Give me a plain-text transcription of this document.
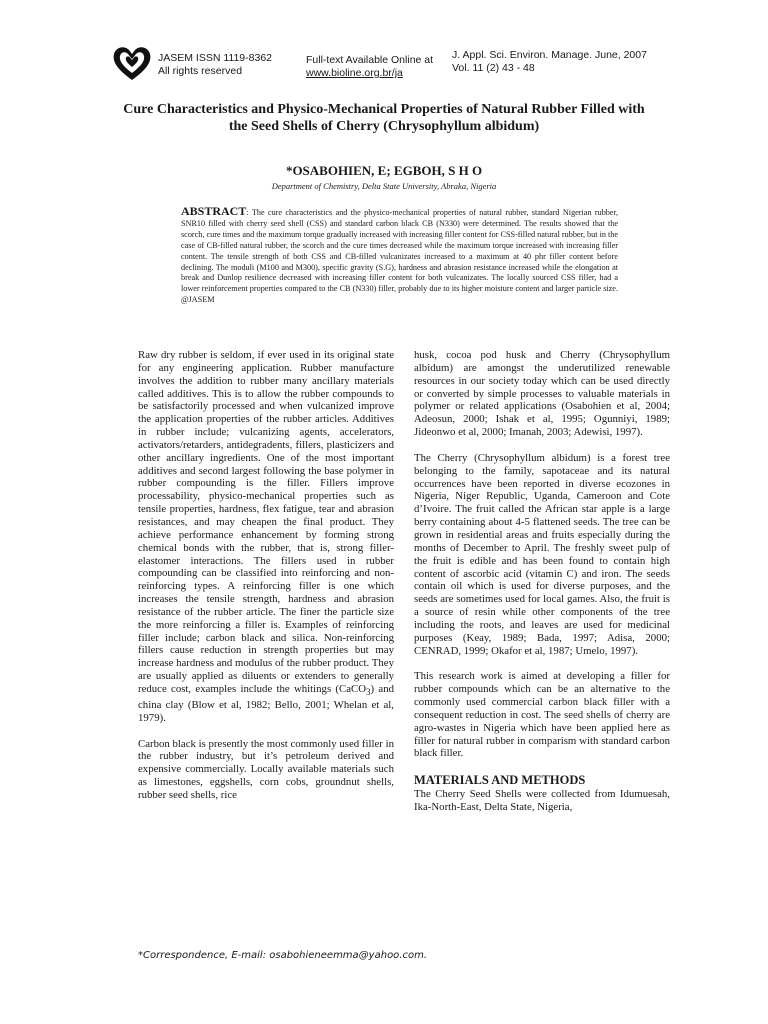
JASEM ISSN 1119-8362
All rights reserved
Full-text Available Online at
www.bioline.org.br/ja
J. Appl. Sci. Environ. Manage. June, 2007
Vol. 11 (2) 43 - 48
Cure Characteristics and Physico-Mechanical Properties of Natural Rubber Filled with
the Seed Shells of Cherry (Chrysophyllum albidum)
*OSABOHIEN, E; EGBOH, S H O
Department of Chemistry, Delta State University, Abraka, Nigeria
ABSTRACT: The cure characteristics and the physico-mechanical properties of natural rubber, standard Nigerian rubber, SNR10 filled with cherry seed shell (CSS) and standard carbon black CB (N330) were determined. The results showed that the scorch, cure times and the maximum torque gradually increased with increasing filler content for CSS-filled natural rubber, but in the case of CB-filled natural rubber, the scorch and the cure times decreased while the maximum torque increased with increasing filler content. The tensile strength of both CSS and CB-filled vulcanizates increased to a maximum at 40 phr filler content before declining. The moduli (M100 and M300), specific gravity (S.G), hardness and abrasion resistance increased while the elongation at break and Dunlop resilience decreased with increasing filler content for both vulcanizates. The locally sourced CSS filler, had a lower reinforcement properties compared to the CB (N330) filler, probably due to its higher moisture content and larger particle size. @JASEM

Raw dry rubber is seldom, if ever used in its original state for any engineering application. Rubber manufacture involves the addition to rubber many ancillary materials called additives. This is to allow the rubber compounds to be satisfactorily processed and when vulcanized improve the application properties of the rubber articles. Additives in rubber include; vulcanizing agents, accelerators, activators/retarders, antidegradents, fillers, plasticizers and other ancillary ingredients. One of the most important additives and second largest following the base polymer in rubber compounding is the filler. Fillers improve processability, physico-mechanical properties such as tensile properties, hardness, flex fatigue, tear and abrasion resistances, and may cheapen the final product. They achieve performance enhancement by forming strong chemical bonds with the rubber, that is, strong filler-elastomer interactions. The fillers used in rubber compounding can be classified into reinforcing and non-reinforcing types. A reinforcing filler is one which increases the tensile strength, hardness and abrasion resistance of the rubber article. The finer the particle size the more reinforcing a filler is. Examples of reinforcing filler include; carbon black and silica. Non-reinforcing fillers cause reduction in strength properties but may increase hardness and modulus of the rubber product. They are usually applied as diluents or extenders to generally reduce cost, examples include the whitings (CaCO$_3$) and china clay (Blow et al, 1982; Bello, 2001; Whelan et al, 1979).

Carbon black is presently the most commonly used filler in the rubber industry, but it’s petroleum derived and expensive commercially. Locally available materials such as limestones, eggshells, corn cobs, groundnut shells, rubber seed shells, rice

husk, cocoa pod husk and Cherry (Chrysophyllum albidum) are amongst the underutilized renewable resources in our society today which can be used directly or converted by simple processes to valuable materials in polymer or related applications (Osabohien et al, 2004; Adeosun, 2000; Ishak et al, 1995; Ogunniyi, 1989; Jideonwo et al, 2000; Imanah, 2003; Adewisi, 1997).

The Cherry (Chrysophyllum albidum) is a forest tree belonging to the family, sapotaceae and its natural occurrences have been reported in diverse ecozones in Nigeria, Niger Republic, Uganda, Cameroon and Cote d’Ivoire. The fruit called the African star apple is a large berry containing about 4-5 flattened seeds. The tree can be grown in residential areas and fruits especially during the months of December to April. The freshly sweet pulp of the fruit is edible and has been found to contain high content of ascorbic acid (vitamin C) and iron. The seeds contain oil which is used for diverse purposes, and the seeds are sometimes used for local games. Also, the fruit is a source of resin while other components of the tree including the roots, and leaves are used for medicinal purposes (Keay, 1989; Bada, 1997; Adisa, 2000; CENRAD, 1999; Okafor et al, 1987; Umelo, 1997).

This research work is aimed at developing a filler for rubber compounds which can be an alternative to the commonly used commercial carbon black filler with a consequent reduction in cost. The seed shells of cherry are agro-wastes in Nigeria which have been applied here as filler for natural rubber in comparism with standard carbon black filler.

MATERIALS AND METHODS

The Cherry Seed Shells were collected from Idumuesah, Ika-North-East, Delta State, Nigeria,

*Correspondence, E-mail: osabohieneemma@yahoo.com.
